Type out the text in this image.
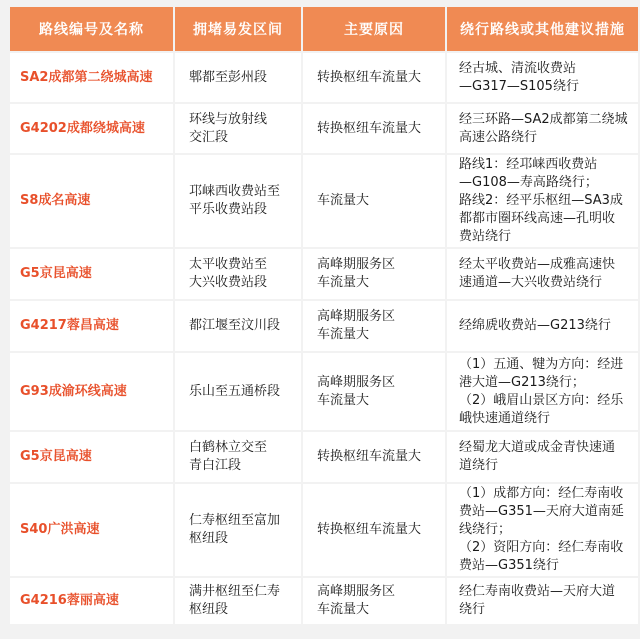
路线编号及名称	拥堵易发区间	主要原因	绕行路线或其他建议措施
SA2成都第二绕城高速	郫都至彭州段	转换枢纽车流量大	经古城、清流收费站
—G317—S105绕行

G4202成都绕城高速	环线与放射线
交汇段	转换枢纽车流量大	经三环路—SA2成都第二绕城
高速公路绕行

S8成名高速	邛崃西收费站至
平乐收费站段	车流量大	路线1：经邛崃西收费站
—G108—寿高路绕行；
路线2：经平乐枢纽—SA3成
都都市圈环线高速—孔明收
费站绕行

G5京昆高速	太平收费站至
大兴收费站段	高峰期服务区
车流量大	经太平收费站—成雅高速快
速通道—大兴收费站绕行

G4217蓉昌高速	都江堰至汶川段	高峰期服务区
车流量大	经绵虒收费站—G213绕行

G93成渝环线高速	乐山至五通桥段	高峰期服务区
车流量大	（1）五通、犍为方向：经进
港大道—G213绕行；
（2）峨眉山景区方向：经乐
峨快速通道绕行

G5京昆高速	白鹤林立交至
青白江段	转换枢纽车流量大	经蜀龙大道或成金青快速通
道绕行

S40广洪高速	仁寿枢纽至富加
枢纽段	转换枢纽车流量大	（1）成都方向：经仁寿南收
费站—G351—天府大道南延
线绕行；
（2）资阳方向：经仁寿南收
费站—G351绕行

G4216蓉丽高速	满井枢纽至仁寿
枢纽段	高峰期服务区
车流量大	经仁寿南收费站—天府大道
绕行
